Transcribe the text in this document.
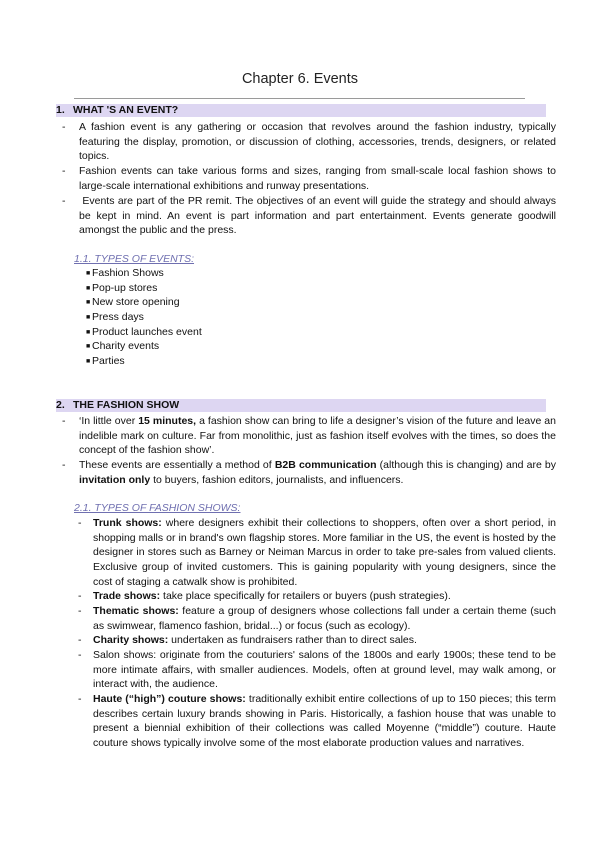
Chapter 6. Events
1. WHAT 'S AN EVENT?
- A fashion event is any gathering or occasion that revolves around the fashion industry, typically featuring the display, promotion, or discussion of clothing, accessories, trends, designers, or related topics.
- Fashion events can take various forms and sizes, ranging from small-scale local fashion shows to large-scale international exhibitions and runway presentations.
- Events are part of the PR remit. The objectives of an event will guide the strategy and should always be kept in mind. An event is part information and part entertainment. Events generate goodwill amongst the public and the press.
1.1. TYPES OF EVENTS:
■ Fashion Shows
■ Pop-up stores
■ New store opening
■ Press days
■ Product launches event
■ Charity events
■ Parties
2. THE FASHION SHOW
- ‘In little over 15 minutes, a fashion show can bring to life a designer’s vision of the future and leave an indelible mark on culture. Far from monolithic, just as fashion itself evolves with the times, so does the concept of the fashion show’.
- These events are essentially a method of B2B communication (although this is changing) and are by invitation only to buyers, fashion editors, journalists, and influencers.
2.1. TYPES OF FASHION SHOWS:
- Trunk shows: where designers exhibit their collections to shoppers, often over a short period, in shopping malls or in brand's own flagship stores. More familiar in the US, the event is hosted by the designer in stores such as Barney or Neiman Marcus in order to take pre-sales from valued clients. Exclusive group of invited customers. This is gaining popularity with young designers, since the cost of staging a catwalk show is prohibited.
- Trade shows: take place specifically for retailers or buyers (push strategies).
- Thematic shows: feature a group of designers whose collections fall under a certain theme (such as swimwear, flamenco fashion, bridal...) or focus (such as ecology).
- Charity shows: undertaken as fundraisers rather than to direct sales.
- Salon shows: originate from the couturiers' salons of the 1800s and early 1900s; these tend to be more intimate affairs, with smaller audiences. Models, often at ground level, may walk among, or interact with, the audience.
- Haute (“high”) couture shows: traditionally exhibit entire collections of up to 150 pieces; this term describes certain luxury brands showing in Paris. Historically, a fashion house that was unable to present a biennial exhibition of their collections was called Moyenne (“middle”) couture. Haute couture shows typically involve some of the most elaborate production values and narratives.
